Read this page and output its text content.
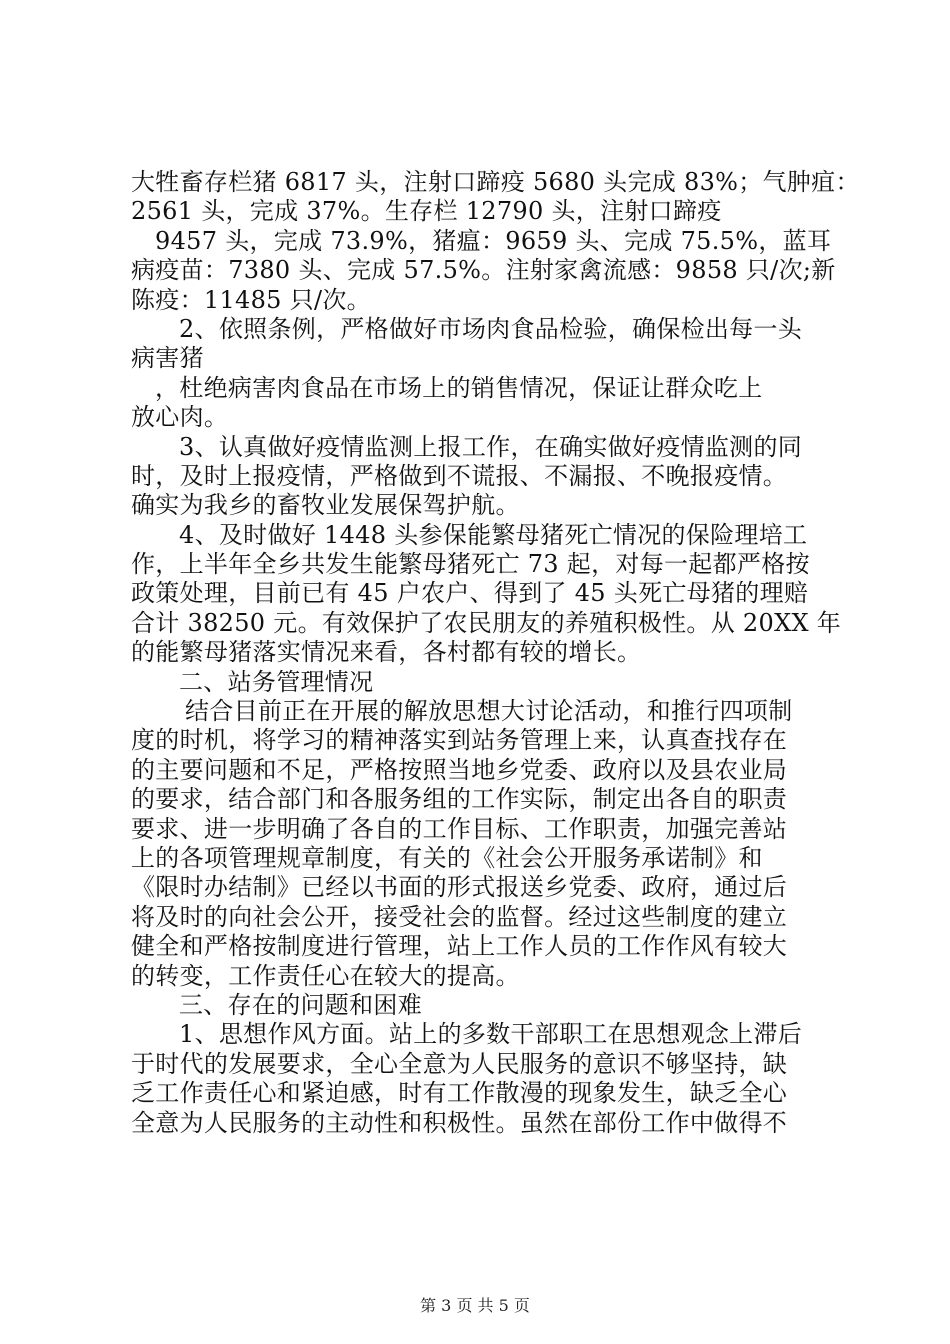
大牲畜存栏猪 6817 头，注射口蹄疫 5680 头完成 83%；气肿疽：
2561 头，完成 37%。生存栏 12790 头，注射口蹄疫
9457 头，完成 73.9%，猪瘟：9659 头、完成 75.5%，蓝耳
病疫苗：7380 头、完成 57.5%。注射家禽流感：9858 只/次;新
陈疫：11485 只/次。
2、依照条例，严格做好市场肉食品检验，确保检出每一头
病害猪
，杜绝病害肉食品在市场上的销售情况，保证让群众吃上
放心肉。
3、认真做好疫情监测上报工作，在确实做好疫情监测的同
时，及时上报疫情，严格做到不谎报、不漏报、不晚报疫情。
确实为我乡的畜牧业发展保驾护航。
4、及时做好 1448 头参保能繁母猪死亡情况的保险理培工
作，上半年全乡共发生能繁母猪死亡 73 起，对每一起都严格按
政策处理，目前已有 45 户农户、得到了 45 头死亡母猪的理赔
合计 38250 元。有效保护了农民朋友的养殖积极性。从 20XX 年
的能繁母猪落实情况来看，各村都有较的增长。
二、站务管理情况
结合目前正在开展的解放思想大讨论活动，和推行四项制
度的时机，将学习的精神落实到站务管理上来，认真查找存在
的主要问题和不足，严格按照当地乡党委、政府以及县农业局
的要求，结合部门和各服务组的工作实际，制定出各自的职责
要求、进一步明确了各自的工作目标、工作职责，加强完善站
上的各项管理规章制度，有关的《社会公开服务承诺制》和
《限时办结制》已经以书面的形式报送乡党委、政府，通过后
将及时的向社会公开，接受社会的监督。经过这些制度的建立
健全和严格按制度进行管理，站上工作人员的工作作风有较大
的转变，工作责任心在较大的提高。
三、存在的问题和困难
1、思想作风方面。站上的多数干部职工在思想观念上滞后
于时代的发展要求，全心全意为人民服务的意识不够坚持，缺
乏工作责任心和紧迫感，时有工作散漫的现象发生，缺乏全心
全意为人民服务的主动性和积极性。虽然在部份工作中做得不
第 3 页 共 5 页
